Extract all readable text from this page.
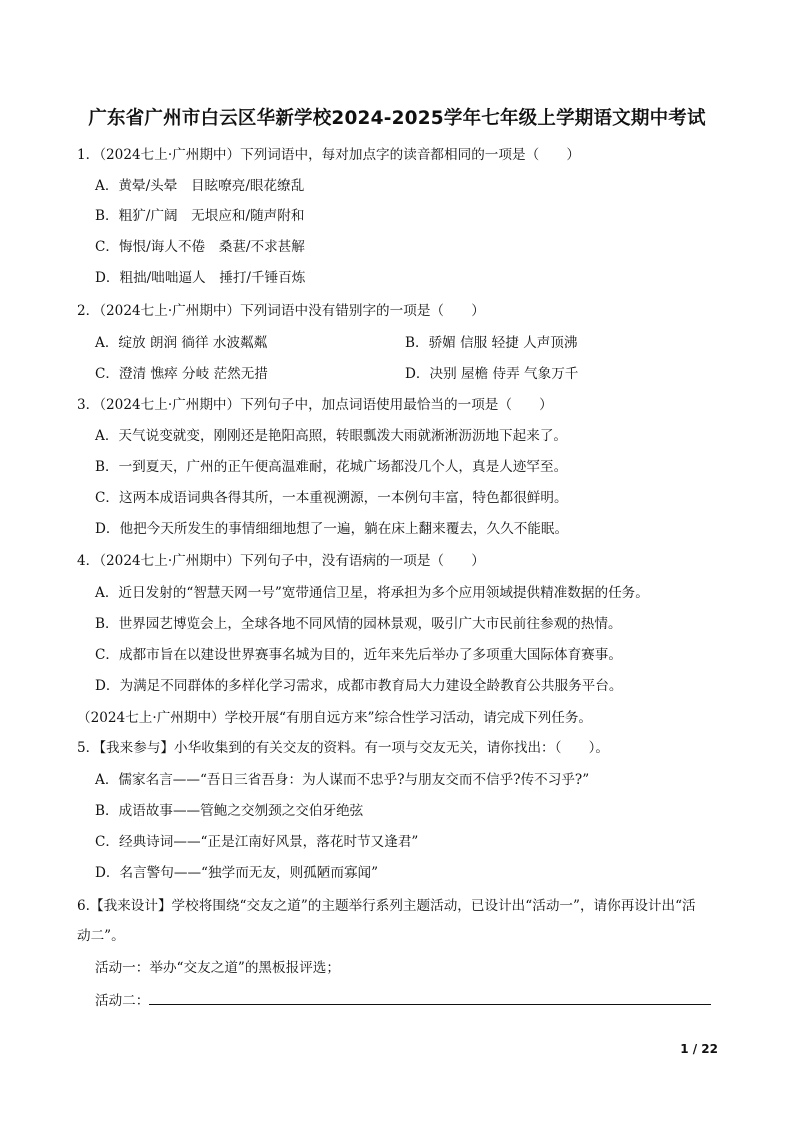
广东省广州市白云区华新学校2024-2025学年七年级上学期语文期中考试
1．（2024七上·广州期中）下列词语中，每对加点字的读音都相同的一项是（　　）
A．黄晕/头晕　目眩嘹亮/眼花缭乱
B．粗犷/广阔　无垠应和/随声附和
C．悔恨/诲人不倦　桑葚/不求甚解
D．粗拙/咄咄逼人　捶打/千锤百炼
2．（2024七上·广州期中）下列词语中没有错别字的一项是（　　）
A．绽放 朗润 徜徉 水波粼粼	B．骄媚 信服 轻捷 人声顶沸
C．澄清 憔瘁 分岐 茫然无措	D．决别 屋檐 侍弄 气象万千
3．（2024七上·广州期中）下列句子中，加点词语使用最恰当的一项是（　　）
A．天气说变就变，刚刚还是艳阳高照，转眼瓢泼大雨就淅淅沥沥地下起来了。
B．一到夏天，广州的正午便高温难耐，花城广场都没几个人，真是人迹罕至。
C．这两本成语词典各得其所，一本重视溯源，一本例句丰富，特色都很鲜明。
D．他把今天所发生的事情细细地想了一遍，躺在床上翻来覆去，久久不能眠。
4．（2024七上·广州期中）下列句子中，没有语病的一项是（　　）
A．近日发射的“智慧天网一号”宽带通信卫星，将承担为多个应用领域提供精准数据的任务。
B．世界园艺博览会上，全球各地不同风情的园林景观，吸引广大市民前往参观的热情。
C．成都市旨在以建设世界赛事名城为目的，近年来先后举办了多项重大国际体育赛事。
D．为满足不同群体的多样化学习需求，成都市教育局大力建设全龄教育公共服务平台。
（2024七上·广州期中）学校开展“有朋自远方来”综合性学习活动，请完成下列任务。
5．【我来参与】小华收集到的有关交友的资料。有一项与交友无关，请你找出：（　　）。
A．儒家名言——“吾日三省吾身：为人谋而不忠乎?与朋友交而不信乎?传不习乎?”
B．成语故事——管鲍之交刎颈之交伯牙绝弦
C．经典诗词——“正是江南好风景，落花时节又逢君”
D．名言警句——“独学而无友，则孤陋而寡闻”
6.【我来设计】学校将围绕“交友之道”的主题举行系列主题活动，已设计出“活动一”，请你再设计出“活
动二”。
活动一：举办“交友之道”的黑板报评选；
活动二：
1 / 22
